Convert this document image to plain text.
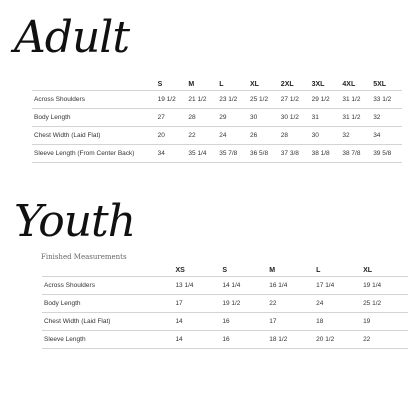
Adult
	S	M	L	XL	2XL	3XL	4XL	5XL
Across Shoulders	19 1/2	21 1/2	23 1/2	25 1/2	27 1/2	29 1/2	31 1/2	33 1/2
Body Length	27	28	29	30	30 1/2	31	31 1/2	32
Chest Width (Laid Flat)	20	22	24	26	28	30	32	34
Sleeve Length (From Center Back)	34	35 1/4	35 7/8	36 5/8	37 3/8	38 1/8	38 7/8	39 5/8
Youth
Finished Measurements
	XS	S	M	L	XL
Across Shoulders	13 1/4	14 1/4	16 1/4	17 1/4	19 1/4
Body Length	17	19 1/2	22	24	25 1/2
Chest Width (Laid Flat)	14	16	17	18	19
Sleeve Length	14	16	18 1/2	20 1/2	22
